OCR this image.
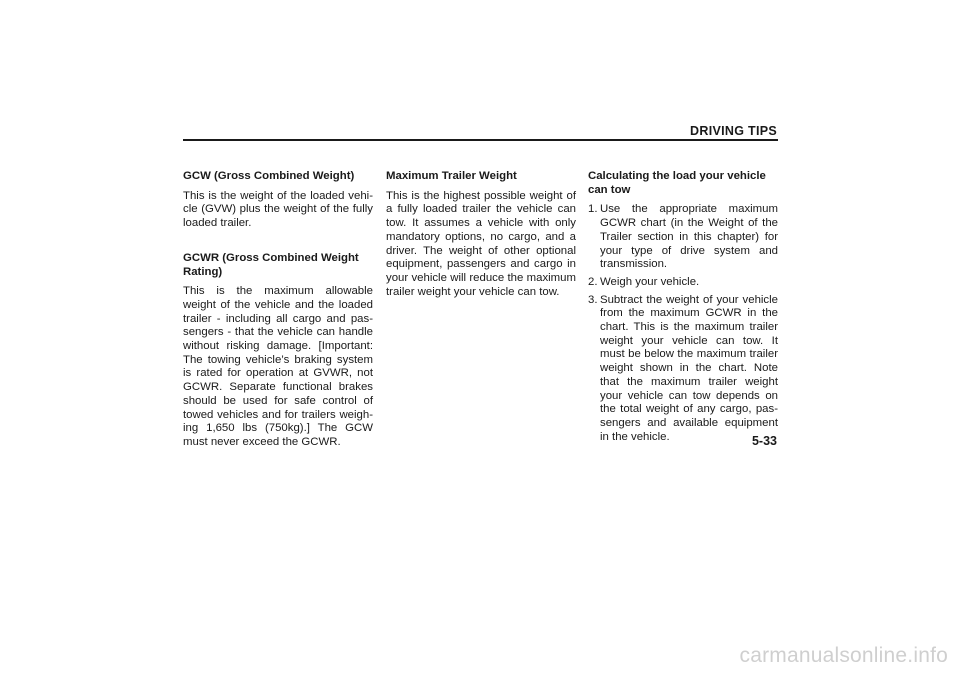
DRIVING TIPS
GCW (Gross Combined Weight)
This is the weight of the loaded vehi-cle (GVW) plus the weight of the fully loaded trailer.
GCWR (Gross Combined Weight Rating)
This is the maximum allowable weight of the vehicle and the loaded trailer - including all cargo and pas-sengers - that the vehicle can handle without risking damage. [Important: The towing vehicle’s braking system is rated for operation at GVWR, not GCWR. Separate functional brakes should be used for safe control of towed vehicles and for trailers weigh-ing 1,650 lbs (750kg).] The GCW must never exceed the GCWR.
Maximum Trailer Weight
This is the highest possible weight of a fully loaded trailer the vehicle can tow. It assumes a vehicle with only mandatory options, no cargo, and a driver. The weight of other optional equipment, passengers and cargo in your vehicle will reduce the maximum trailer weight your vehicle can tow.
Calculating the load your vehicle can tow
1. Use the appropriate maximum GCWR chart (in the Weight of the Trailer section in this chapter) for your type of drive system and transmission.
2. Weigh your vehicle.
3. Subtract the weight of your vehicle from the maximum GCWR in the chart. This is the maximum trailer weight your vehicle can tow. It must be below the maximum trailer weight shown in the chart. Note that the maximum trailer weight your vehicle can tow depends on the total weight of any cargo, pas-sengers and available equipment in the vehicle.	5-33
carmanualsonline.info
